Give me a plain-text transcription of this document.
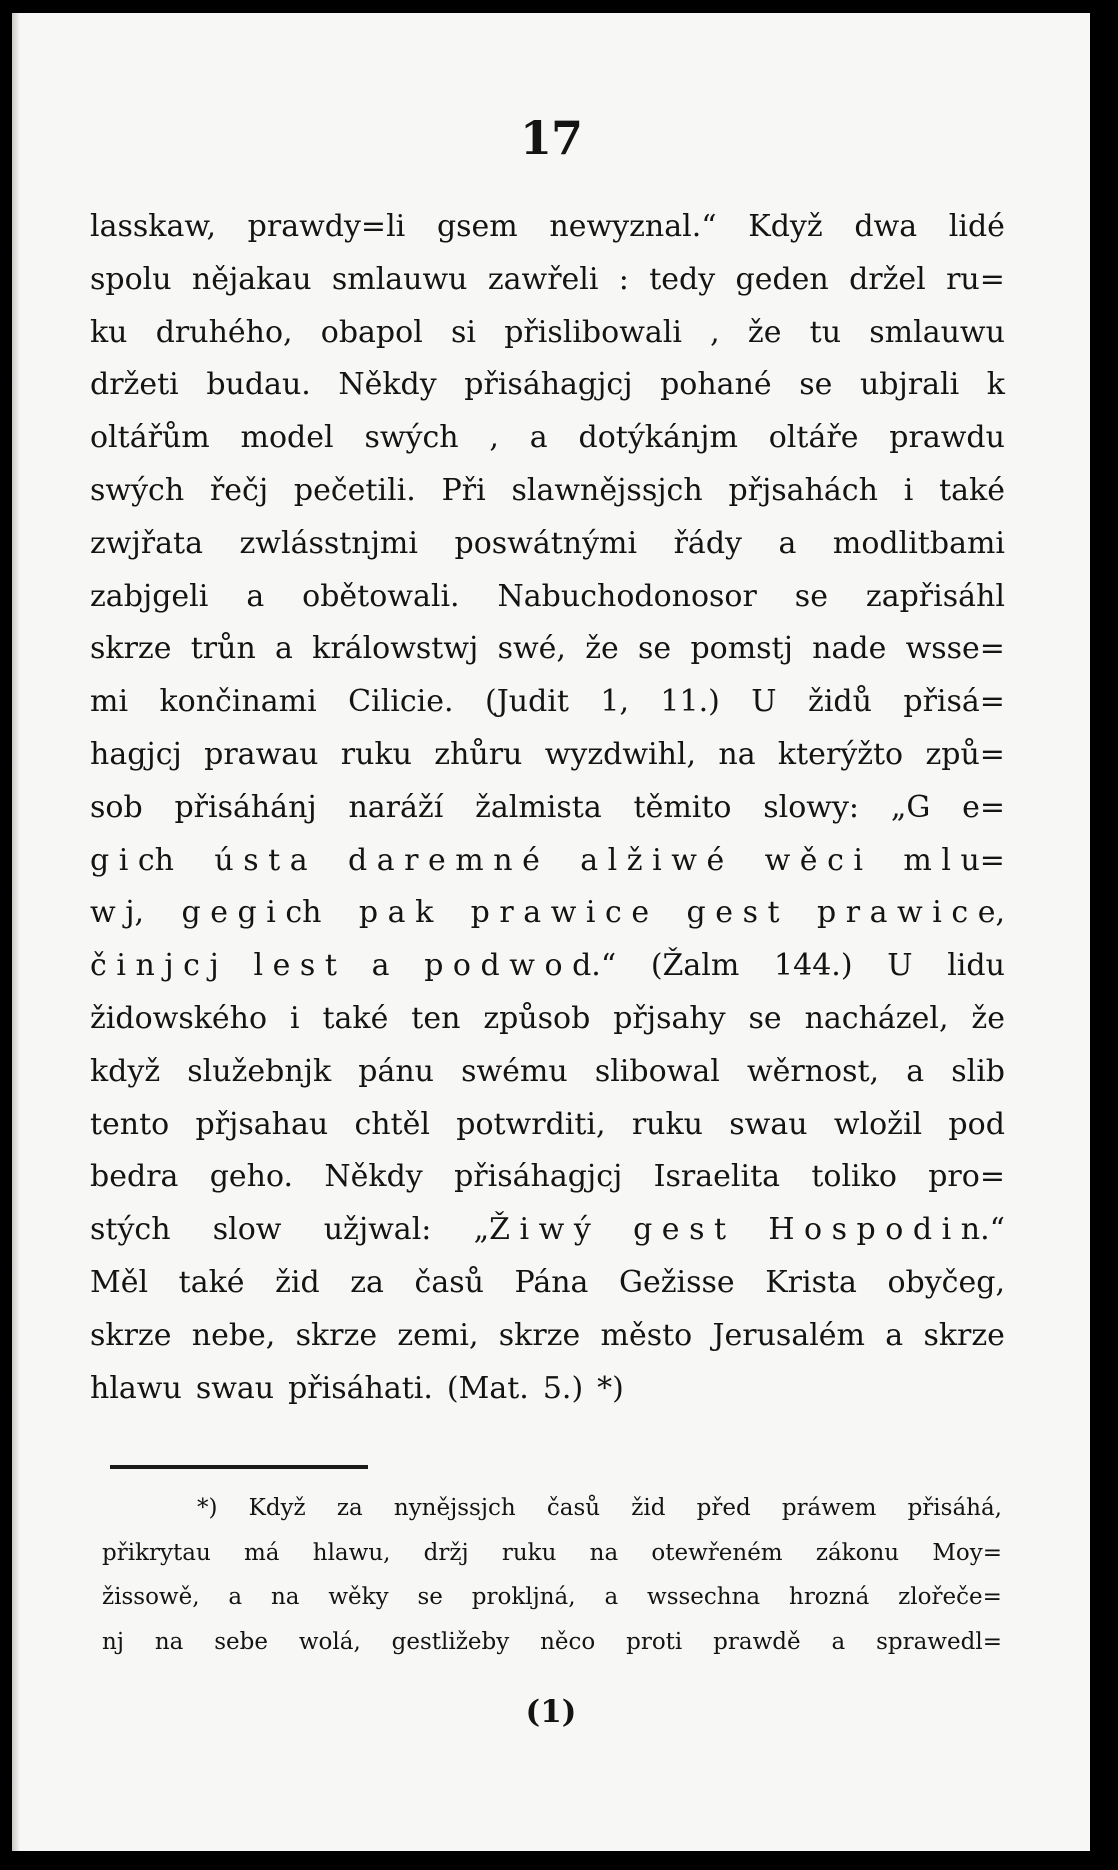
17
lasskaw, prawdy=li gsem newyznal.“ Když dwa lidé
spolu nějakau smlauwu zawřeli : tedy geden držel ru=
ku druhého, obapol si přislibowali , že tu smlauwu
držeti budau. Někdy přisáhagjcj pohané se ubjrali k
oltářům model swých , a dotýkánjm oltáře prawdu
swých řečj pečetili. Při slawnějssjch přjsahách i také
zwjřata zwlásstnjmi poswátnými řády a modlitbami
zabjgeli a obětowali. Nabuchodonosor se zapřisáhl
skrze trůn a králowstwj swé, že se pomstj nade wsse=
mi končinami Cilicie. (Judit 1, 11.) U židů přisá=
hagjcj prawau ruku zhůru wyzdwihl, na kterýžto způ=
sob přisáhánj naráží žalmista těmito slowy: „G e=
g i ch ú s t a d a r e m n é a l ž i w é w ě c i m l u=
w j, g e g i ch p a k p r a w i c e g e s t p r a w i c e,
č i n j c j l e s t a p o d w o d.“ (Žalm 144.) U lidu
židowského i také ten způsob přjsahy se nacházel, že
když služebnjk pánu swému slibowal wěrnost, a slib
tento přjsahau chtěl potwrditi, ruku swau wložil pod
bedra geho. Někdy přisáhagjcj Israelita toliko pro=
stých slow užjwal: „Ž i w ý g e s t H o s p o d i n.“
Měl také žid za časů Pána Gežisse Krista obyčeg,
skrze nebe, skrze zemi, skrze město Jerusalém a skrze
hlawu swau přisáhati. (Mat. 5.) *)
*) Když za nynějssjch časů žid před práwem přisáhá,
přikrytau má hlawu, držj ruku na otewřeném zákonu Moy=
žissowě, a na wěky se prokljná, a wssechna hrozná zlořeče=
nj na sebe wolá, gestližeby něco proti prawdě a sprawedl=
(1)
